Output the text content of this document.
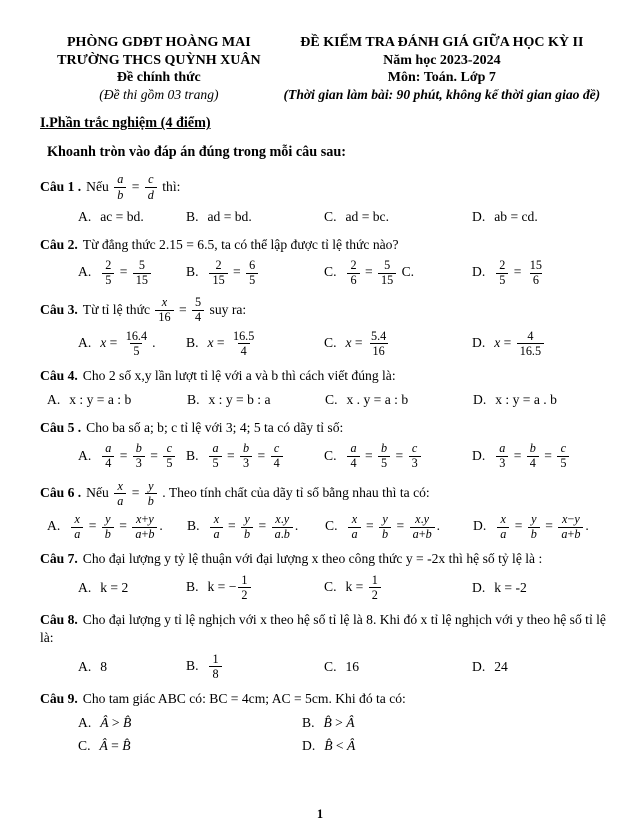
PHÒNG GDĐT HOÀNG MAI
TRƯỜNG THCS QUỲNH XUÂN
Đề chính thức
(Đề thi gồm 03 trang)
ĐỀ KIỂM TRA ĐÁNH GIÁ GIỮA HỌC KỲ II
Năm học 2023-2024
Môn: Toán. Lớp 7
(Thời gian làm bài: 90 phút, không kể thời gian giao đề)
I.Phần trắc nghiệm (4 điểm)
Khoanh tròn vào đáp án đúng trong mỗi câu sau:
Câu 1 . Nếu $\frac{a}{b} = \frac{c}{d}$ thì:
A. ac = bd.	B. ad = bd.	C. ad = bc.	D. ab = cd.
Câu 2. Từ đẳng thức 2.15 = 6.5, ta có thể lập được tỉ lệ thức nào?
A. $\frac{2}{5} = \frac{5}{15}$	B. $\frac{2}{15} = \frac{6}{5}$	C. $\frac{2}{6} = \frac{5}{15} C$.	D. $\frac{2}{5} = \frac{15}{6}$
Câu 3. Từ tỉ lệ thức $\frac{x}{16} = \frac{5}{4}$ suy ra:
A. $x = \frac{16.4}{5}$ .	B. $x = \frac{16.5}{4}$	C. $x = \frac{5.4}{16}$	D. $x = \frac{4}{16.5}$
Câu 4. Cho 2 số x,y lần lượt tỉ lệ với a và b thì cách viết đúng là:
A. x : y = a : b	B. x : y = b : a	C. x . y = a : b	D. x : y = a . b
Câu 5 . Cho ba số a; b; c tỉ lệ với 3; 4; 5 ta có dãy tỉ số:
A. $\frac{a}{4} = \frac{b}{3} = \frac{c}{5} B$. $\frac{a}{5} = \frac{b}{3} = \frac{c}{4}$	C. $\frac{a}{4} = \frac{b}{5} = \frac{c}{3}$	D. $\frac{a}{3} = \frac{b}{4} = \frac{c}{5}$
Câu 6 . Nếu $\frac{x}{a} = \frac{y}{b}$ . Theo tính chất của dãy tỉ số bằng nhau thì ta có:
A. $\frac{x}{a} = \frac{y}{b} = \frac{x+y}{a+b}$ .	B. $\frac{x}{a} = \frac{y}{b} = \frac{x.y}{a.b}$ .	C. $\frac{x}{a} = \frac{y}{b} = \frac{x.y}{a+b}$ .	D. $\frac{x}{a} = \frac{y}{b} = \frac{x-y}{a+b}$ .
Câu 7. Cho đại lượng y tỷ lệ thuận với đại lượng x theo công thức y = -2x thì hệ số tỷ lệ là :
A. k = 2	B. k = − $\frac{1}{2}$	C. $k = \frac{1}{2}$	D. k = -2
Câu 8. Cho đại lượng y tỉ lệ nghịch với x theo hệ số tỉ lệ là 8. Khi đó x tỉ lệ nghịch với y theo hệ số tỉ lệ là:
A. 8	B. $\frac{1}{8}$	C. 16	D. 24
Câu 9. Cho tam giác ABC có: BC = 4cm; AC = 5cm. Khi đó ta có:
A. Â > B̂	B. B̂ > Â
C. Â = B̂	D. B̂ < Â
1
